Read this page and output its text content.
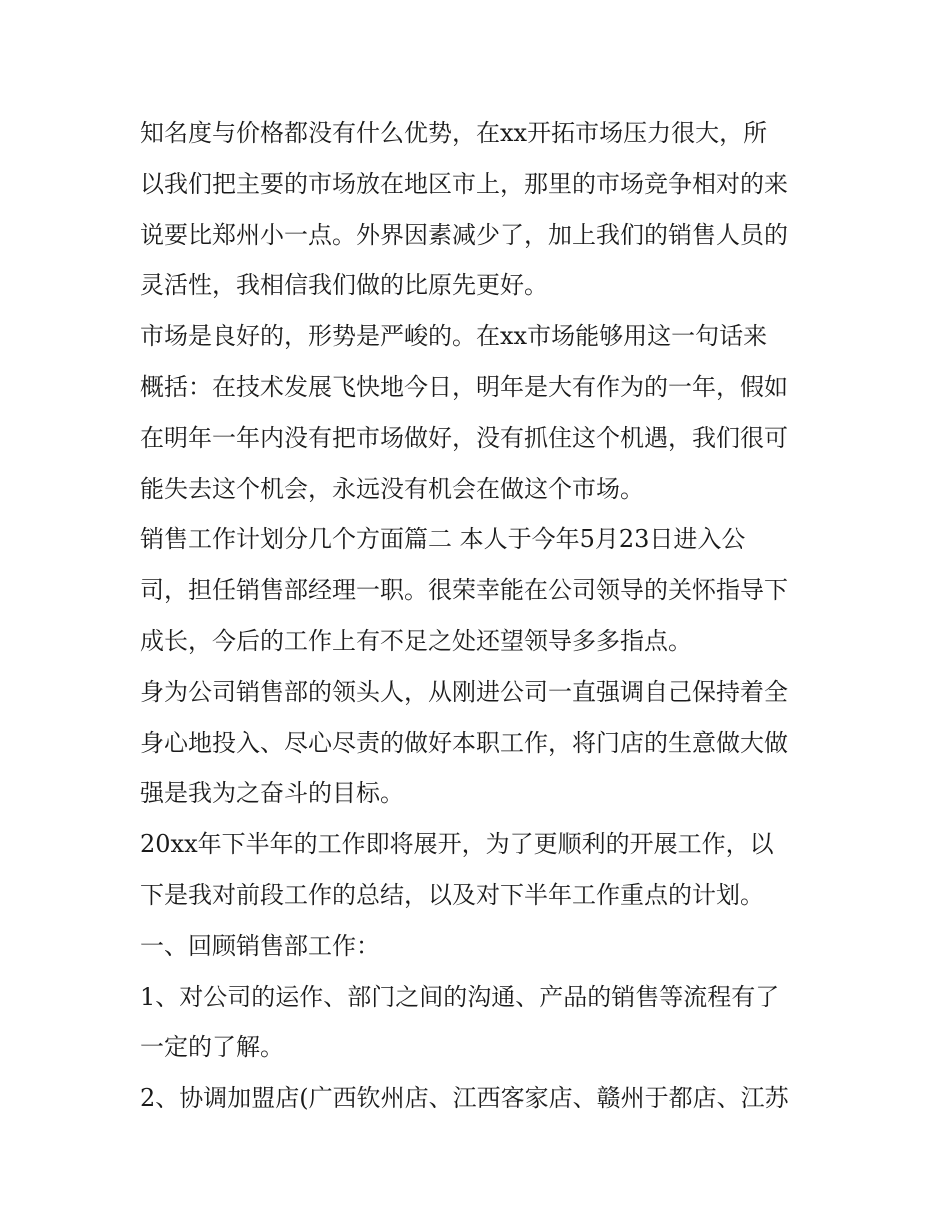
知名度与价格都没有什么优势，在xx开拓市场压力很大，所
以我们把主要的市场放在地区市上，那里的市场竞争相对的来
说要比郑州小一点。外界因素减少了，加上我们的销售人员的
灵活性，我相信我们做的比原先更好。
市场是良好的，形势是严峻的。在xx市场能够用这一句话来
概括：在技术发展飞快地今日，明年是大有作为的一年，假如
在明年一年内没有把市场做好，没有抓住这个机遇，我们很可
能失去这个机会，永远没有机会在做这个市场。
销售工作计划分几个方面篇二 本人于今年5月23日进入公
司，担任销售部经理一职。很荣幸能在公司领导的关怀指导下
成长，今后的工作上有不足之处还望领导多多指点。
身为公司销售部的领头人，从刚进公司一直强调自己保持着全
身心地投入、尽心尽责的做好本职工作，将门店的生意做大做
强是我为之奋斗的目标。
20xx年下半年的工作即将展开，为了更顺利的开展工作，以
下是我对前段工作的总结，以及对下半年工作重点的计划。
一、回顾销售部工作：
1、对公司的运作、部门之间的沟通、产品的销售等流程有了
一定的了解。
2、协调加盟店(广西钦州店、江西客家店、赣州于都店、江苏
